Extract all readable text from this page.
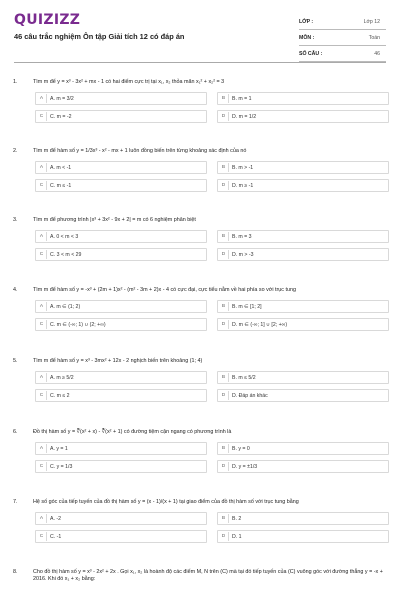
QUIZIZZ
46 câu trắc nghiệm Ôn tập Giải tích 12 có đáp án
LỚP :	Lớp 12
MÔN :	Toán
SỐ CÂU :	46
1.	Tìm m để y = x³ - 3x² + mx - 1 có hai điểm cực trị tại x₁, x₂ thỏa mãn x₁² + x₂² = 3
A	A. m = 3/2	B	B. m = 1
C	C. m = -2	D	D. m = 1/2
2.	Tìm m để hàm số y = 1/3x³ - x² - mx + 1 luôn đồng biến trên từng khoảng xác định của nó
A	A. m < -1	B	B. m > -1
C	C. m ≤ -1	D	D. m ≥ -1
3.	Tìm m để phương trình |x³ + 3x² - 9x + 2| = m có 6 nghiệm phân biệt
A	A. 0 < m < 3	B	B. m = 3
C	C. 3 < m < 29	D	D. m > -3
4.	Tìm m để hàm số y = -x³ + (2m + 1)x² - (m² - 3m + 2)x - 4 có cực đại, cực tiểu nằm về hai phía so với trục tung
A	A. m ∈ (1; 2)	B	B. m ∈ [1; 2]
C	C. m ∈ (-∞; 1) ∪ (2; +∞)	D	D. m ∈ (-∞; 1] ∪ [2; +∞)
5.	Tìm m để hàm số y = x³ - 3mx² + 12x - 2 nghịch biến trên khoảng (1; 4)
A	A. m ≥ 5/2	B	B. m ≤ 5/2
C	C. m ≤ 2	D	D. Đáp án khác
6.	Đồ thị hàm số y = ∛(x² + x) - ∛(x² + 1) có đường tiệm cận ngang có phương trình là
A	A. y = 1	B	B. y = 0
C	C. y = 1/3	D	D. y = ±1/3
7.	Hệ số góc của tiếp tuyến của đồ thị hàm số y = (x - 1)/(x + 1) tại giao điểm của đồ thị hàm số với trục tung bằng
A	A. -2	B	B. 2
C	C. -1	D	D. 1
8.	Cho đồ thị hàm số y = x³ - 2x² + 2x . Gọi x₁, x₂ là hoành độ các điểm M, N trên (C) mà tại đó tiếp tuyến của (C) vuông góc với đường thẳng y = -x + 2016. Khi đó x₁ + x₂ bằng:
